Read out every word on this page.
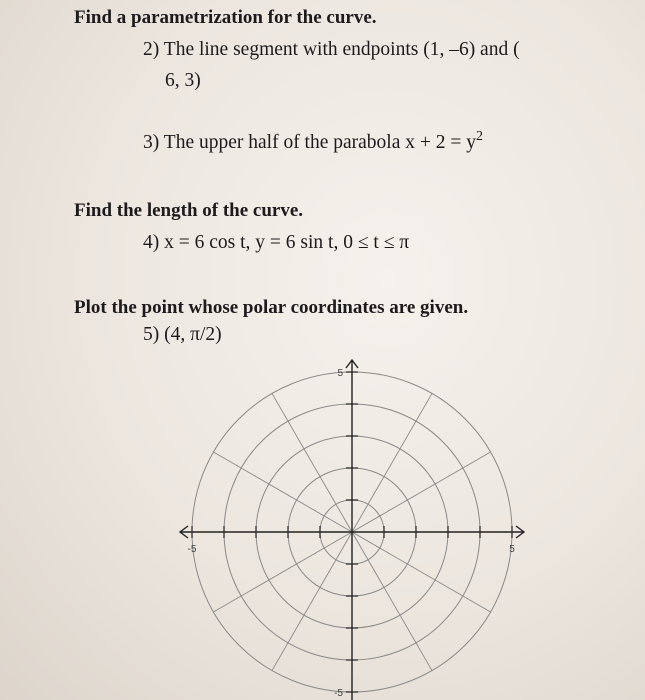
Find a parametrization for the curve.
2) The line segment with endpoints (1, –6) and (
6, 3)
3) The upper half of the parabola $x + 2 = y^2$
Find the length of the curve.
4) x = 6 cos t, y = 6 sin t, 0 ≤ t ≤ π
Plot the point whose polar coordinates are given.
5) (4, π/2)
-5	5
5
-5
